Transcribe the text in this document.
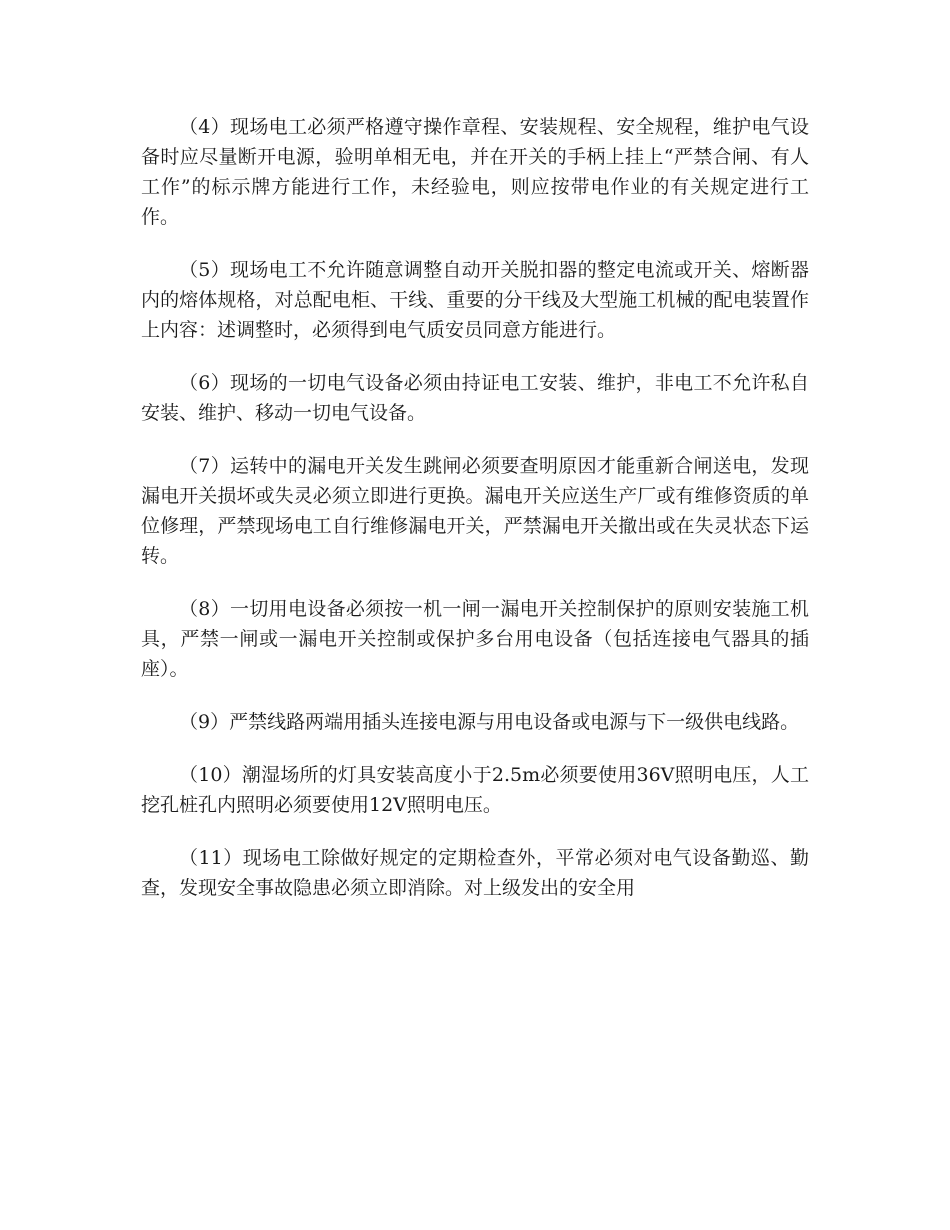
（4）现场电工必须严格遵守操作章程、安装规程、安全规程，维护电气设备时应尽量断开电源，验明单相无电，并在开关的手柄上挂上“严禁合闸、有人工作”的标示牌方能进行工作，未经验电，则应按带电作业的有关规定进行工作。

（5）现场电工不允许随意调整自动开关脱扣器的整定电流或开关、熔断器内的熔体规格，对总配电柜、干线、重要的分干线及大型施工机械的配电装置作上内容：述调整时，必须得到电气质安员同意方能进行。

（6）现场的一切电气设备必须由持证电工安装、维护，非电工不允许私自安装、维护、移动一切电气设备。

（7）运转中的漏电开关发生跳闸必须要查明原因才能重新合闸送电，发现漏电开关损坏或失灵必须立即进行更换。漏电开关应送生产厂或有维修资质的单位修理，严禁现场电工自行维修漏电开关，严禁漏电开关撤出或在失灵状态下运转。

（8）一切用电设备必须按一机一闸一漏电开关控制保护的原则安装施工机具，严禁一闸或一漏电开关控制或保护多台用电设备（包括连接电气器具的插座）。

（9）严禁线路两端用插头连接电源与用电设备或电源与下一级供电线路。

（10）潮湿场所的灯具安装高度小于2.5m必须要使用36V照明电压，人工挖孔桩孔内照明必须要使用12V照明电压。

（11）现场电工除做好规定的定期检查外，平常必须对电气设备勤巡、勤查，发现安全事故隐患必须立即消除。对上级发出的安全用
